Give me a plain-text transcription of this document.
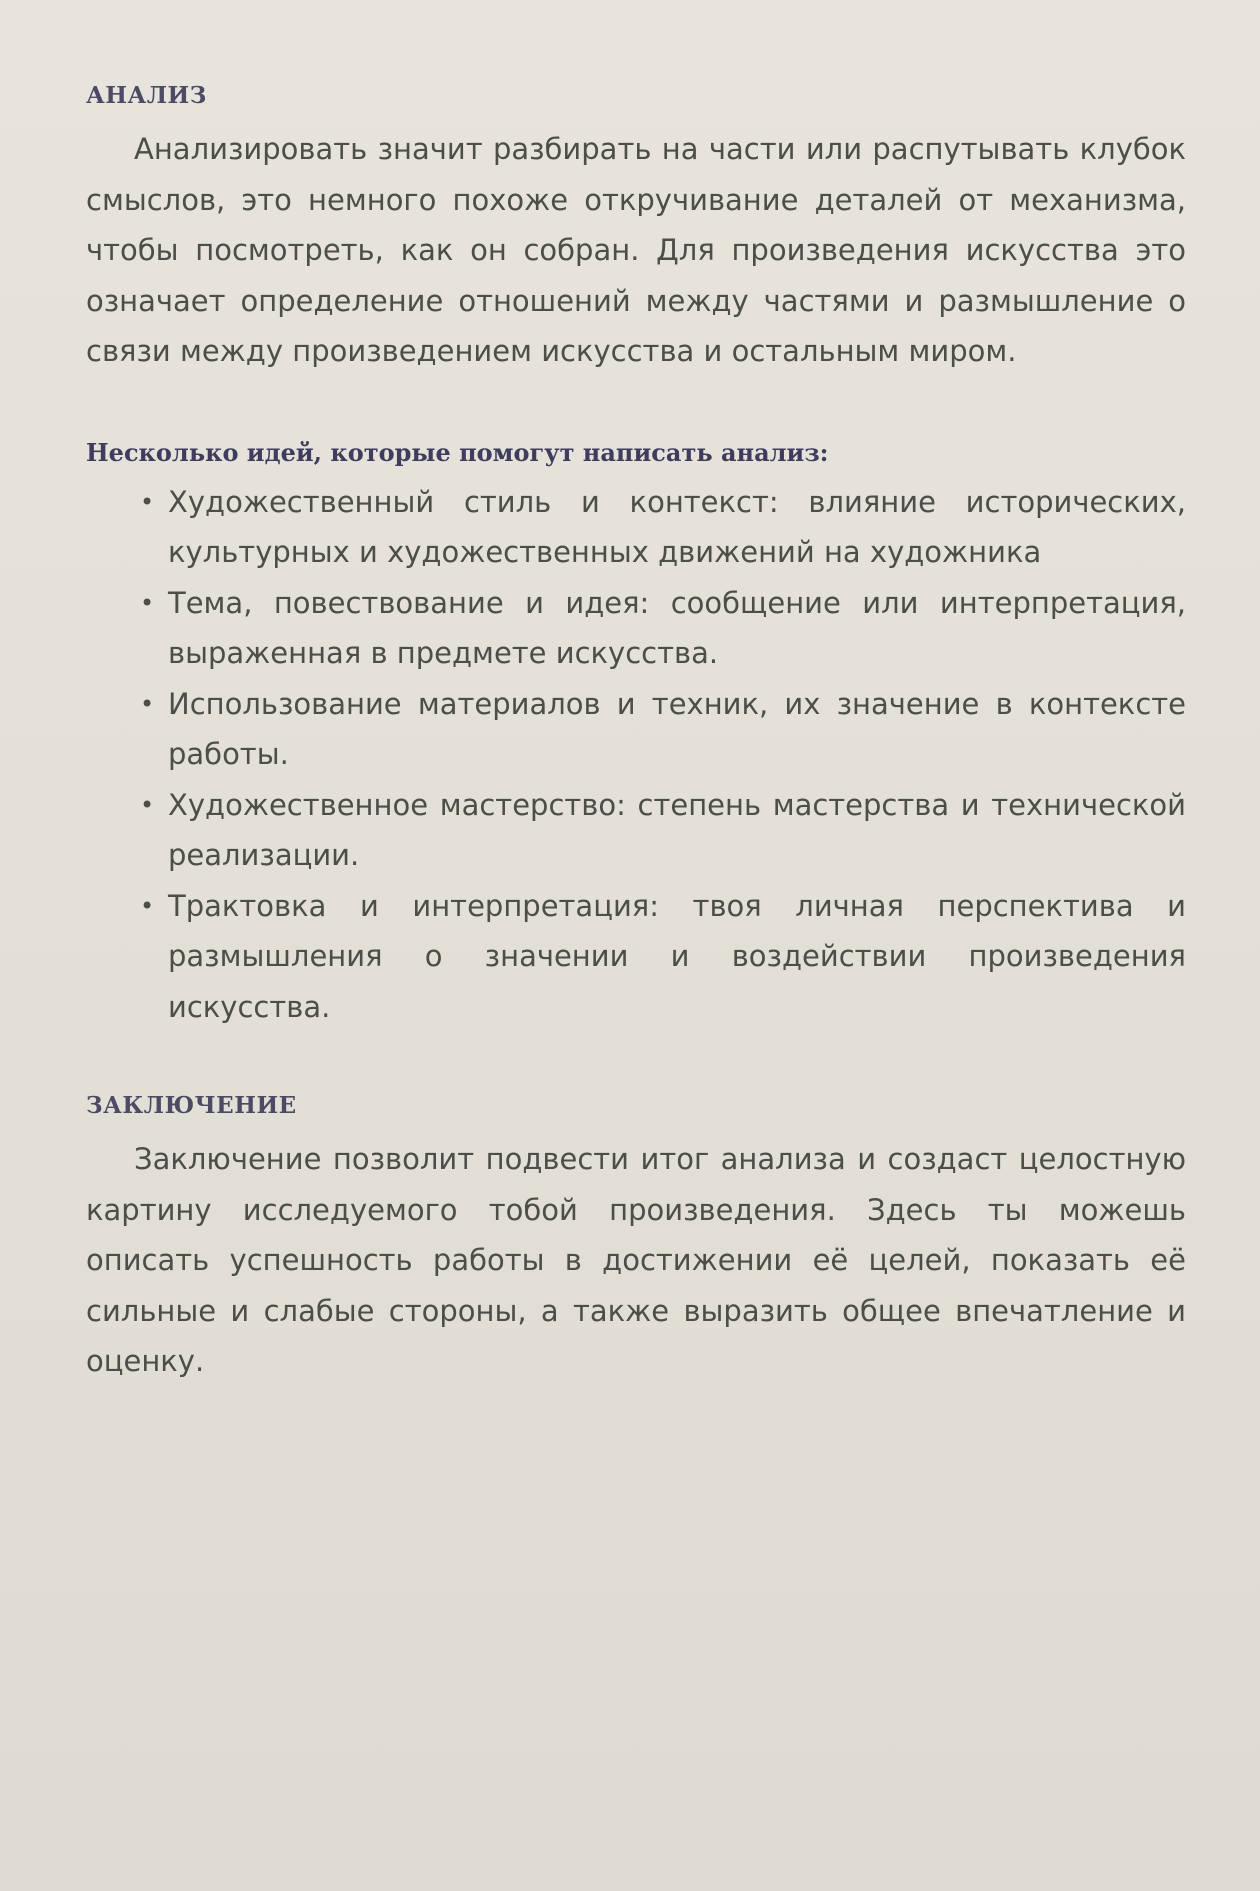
АНАЛИЗ

Анализировать значит разбирать на части или распутывать клубок смыслов, это немного похоже откручивание деталей от механизма, чтобы посмотреть, как он собран. Для произведения искусства это означает определение отношений между частями и размышление о связи между произведением искусства и остальным миром.

Несколько идей, которые помогут написать анализ:
• Художественный стиль и контекст: влияние исторических, культурных и художественных движений на художника
• Тема, повествование и идея: сообщение или интерпретация, выраженная в предмете искусства.
• Использование материалов и техник, их значение в контексте работы.
• Художественное мастерство: степень мастерства и технической реализации.
• Трактовка и интерпретация: твоя личная перспектива и размышления о значении и воздействии произведения искусства.
ЗАКЛЮЧЕНИЕ

Заключение позволит подвести итог анализа и создаст целостную картину исследуемого тобой произведения. Здесь ты можешь описать успешность работы в достижении её целей, показать её сильные и слабые стороны, а также выразить общее впечатление и оценку.
